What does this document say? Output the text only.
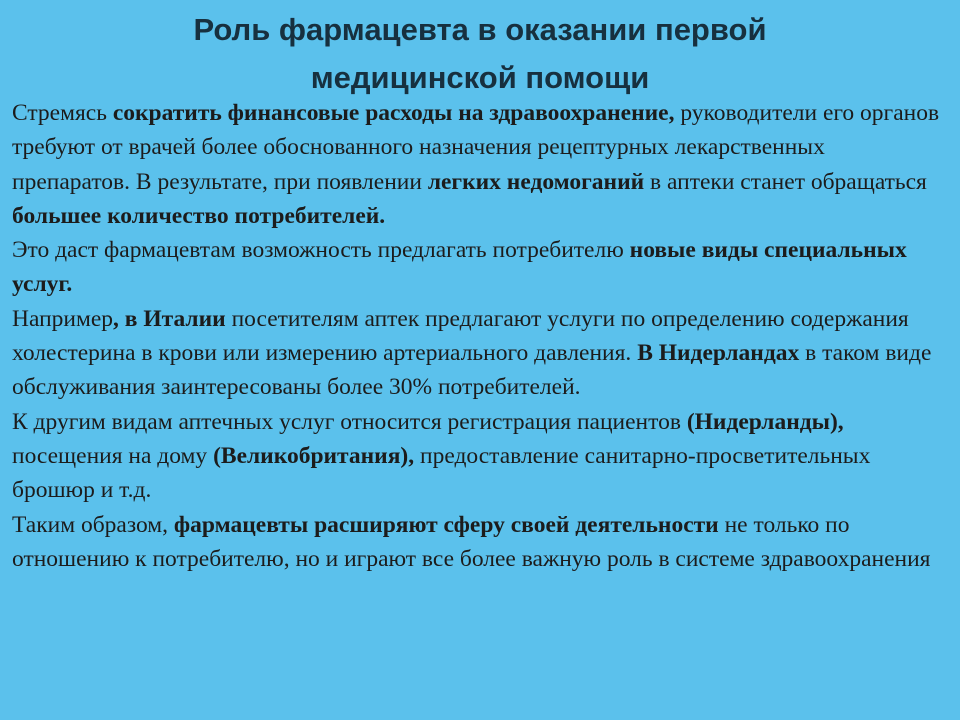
Роль фармацевта в оказании первой
медицинской помощи

Стремясь сократить финансовые расходы на здравоохранение, руководители его органов требуют от врачей более обоснованного назначения рецептурных лекарственных препаратов. В результате, при появлении легких недомоганий в аптеки станет обращаться большее количество потребителей.

Это даст фармацевтам возможность предлагать потребителю новые виды специальных услуг.

Например, в Италии посетителям аптек предлагают услуги по определению содержания холестерина в крови или измерению артериального давления. В Нидерландах в таком виде обслуживания заинтересованы более 30% потребителей.

К другим видам аптечных услуг относится регистрация пациентов (Нидерланды), посещения на дому (Великобритания), предоставление санитарно-просветительных брошюр и т.д.

Таким образом, фармацевты расширяют сферу своей деятельности не только по отношению к потребителю, но и играют все более важную роль в системе здравоохранения
